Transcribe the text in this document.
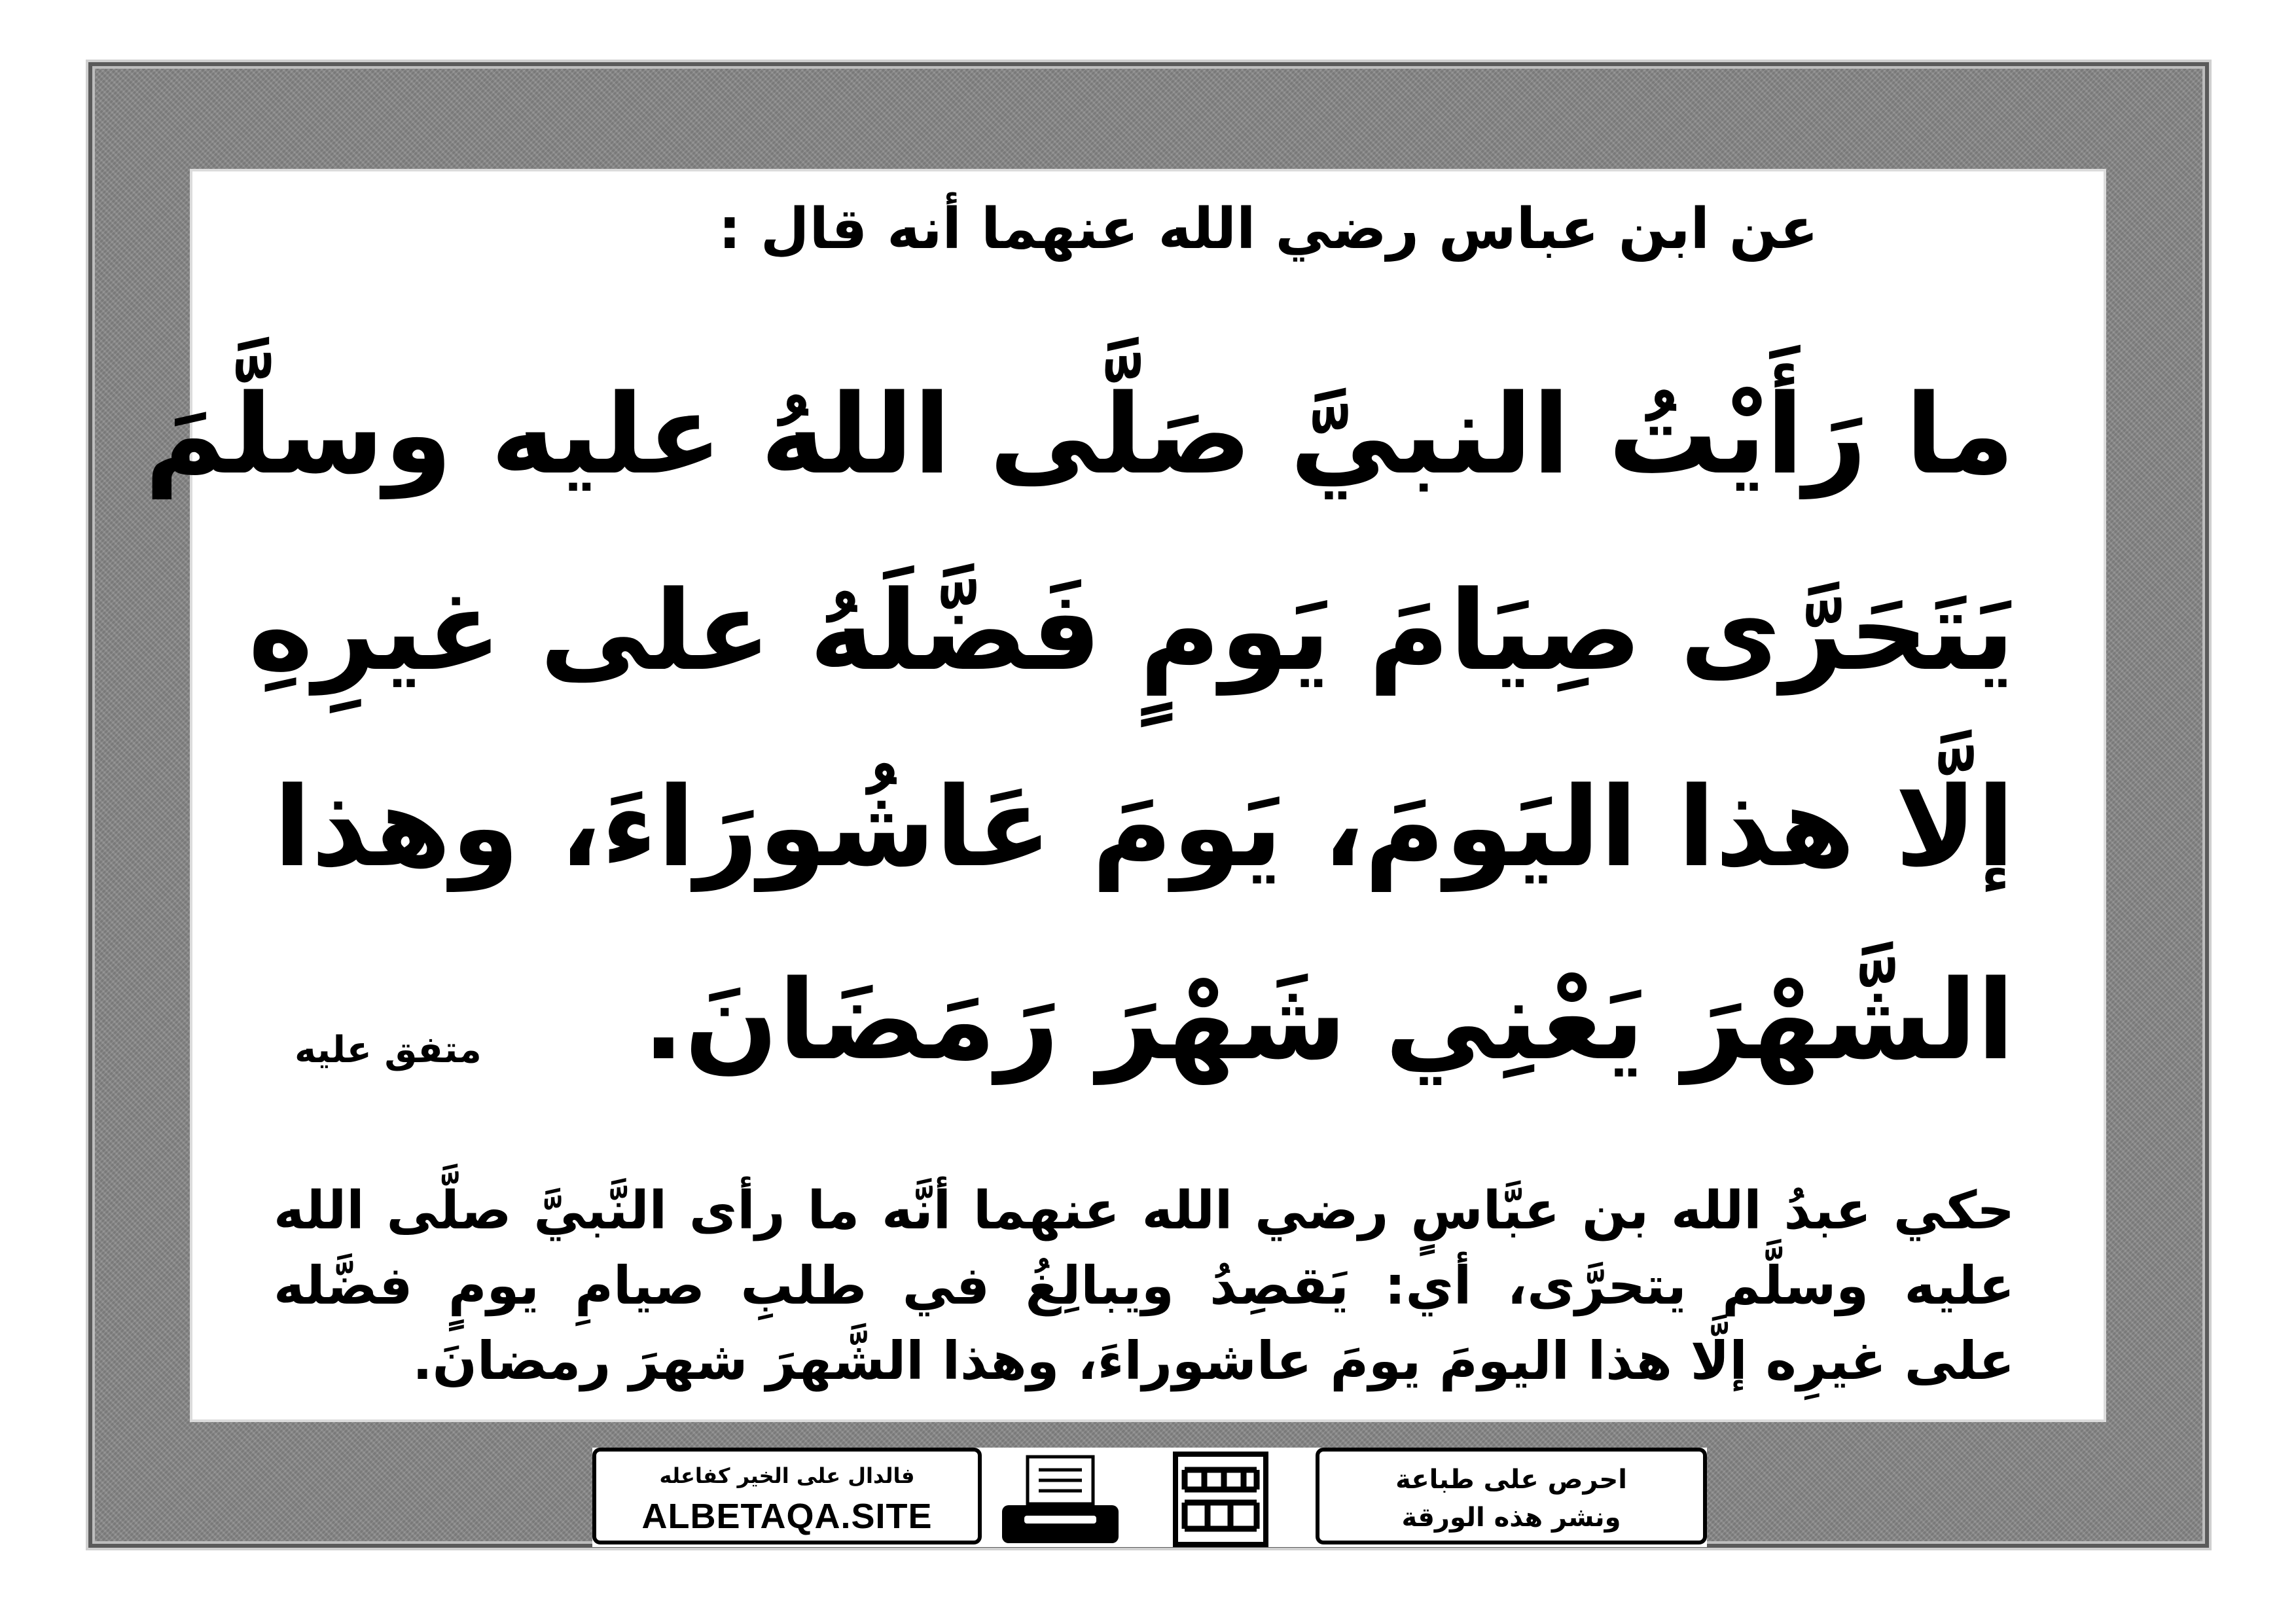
عن ابن عباس رضي الله عنهما أنه قال :
ما رَأَيْتُ النبيَّ صَلَّى اللهُ عليه وسلَّمَ
يَتَحَرَّى صِيَامَ يَومٍ فَضَّلَهُ على غيرِهِ
إلَّا هذا اليَومَ، يَومَ عَاشُورَاءَ، وهذا
الشَّهْرَ يَعْنِي شَهْرَ رَمَضَانَ.
متفق عليه
حكي عبدُ الله بن عبَّاسٍ رضي الله عنهما أنَّه ما رأى النَّبيَّ صلَّى الله
عليه وسلَّم يتحرَّى، أي: يَقصِدُ ويبالِغُ في طلبِ صيامِ يومٍ فضَّله
على غيرِه إلَّا هذا اليومَ يومَ عاشوراءَ، وهذا الشَّهرَ شهرَ رمضانَ.
فالدال على الخير كفاعله
ALBETAQA.SITE
احرص على طباعة
ونشر هذه الورقة
